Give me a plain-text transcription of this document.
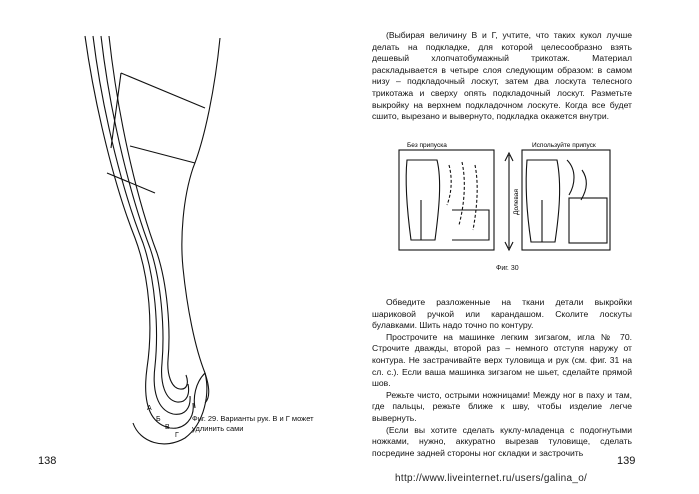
А
Б
В
Г
Фиг. 29. Варианты рук. В и Г может удлинить сами
138

(Выбирая величину В и Г, учтите, что таких кукол лучше делать на подкладке, для которой целесообразно взять дешевый хлопчатобумажный трикотаж. Материал раскладывается в четыре слоя следующим образом: в самом низу – подкладочный лоскут, затем два лоскута телесного трикотажа и сверху опять подкладочный лоскут. Разметьте выкройку на верхнем подкладочном лоскуте. Когда все будет сшито, вырезано и вывернуто, подкладка окажется внутри.

Без припуска	Используйте припуск
Долевая
Фиг. 30

Обведите разложенные на ткани детали выкройки шариковой ручкой или карандашом. Сколите лоскуты булавками. Шить надо точно по контуру.

Прострочите на машинке легким зигзагом, игла № 70. Строчите дважды, второй раз – немного отступя наружу от контура. Не застрачивайте верх туловища и рук (см. фиг. 31 на сл. с.). Если ваша машинка зигзагом не шьет, сделайте прямой шов.

Режьте чисто, острыми ножницами! Между ног в паху и там, где пальцы, режьте ближе к шву, чтобы изделие легче вывернуть.

(Если вы хотите сделать куклу-младенца с подогнутыми ножками, нужно, аккуратно вырезав туловище, сделать посредине задней стороны ног складки и застрочить

139
http://www.liveinternet.ru/users/galina_o/
